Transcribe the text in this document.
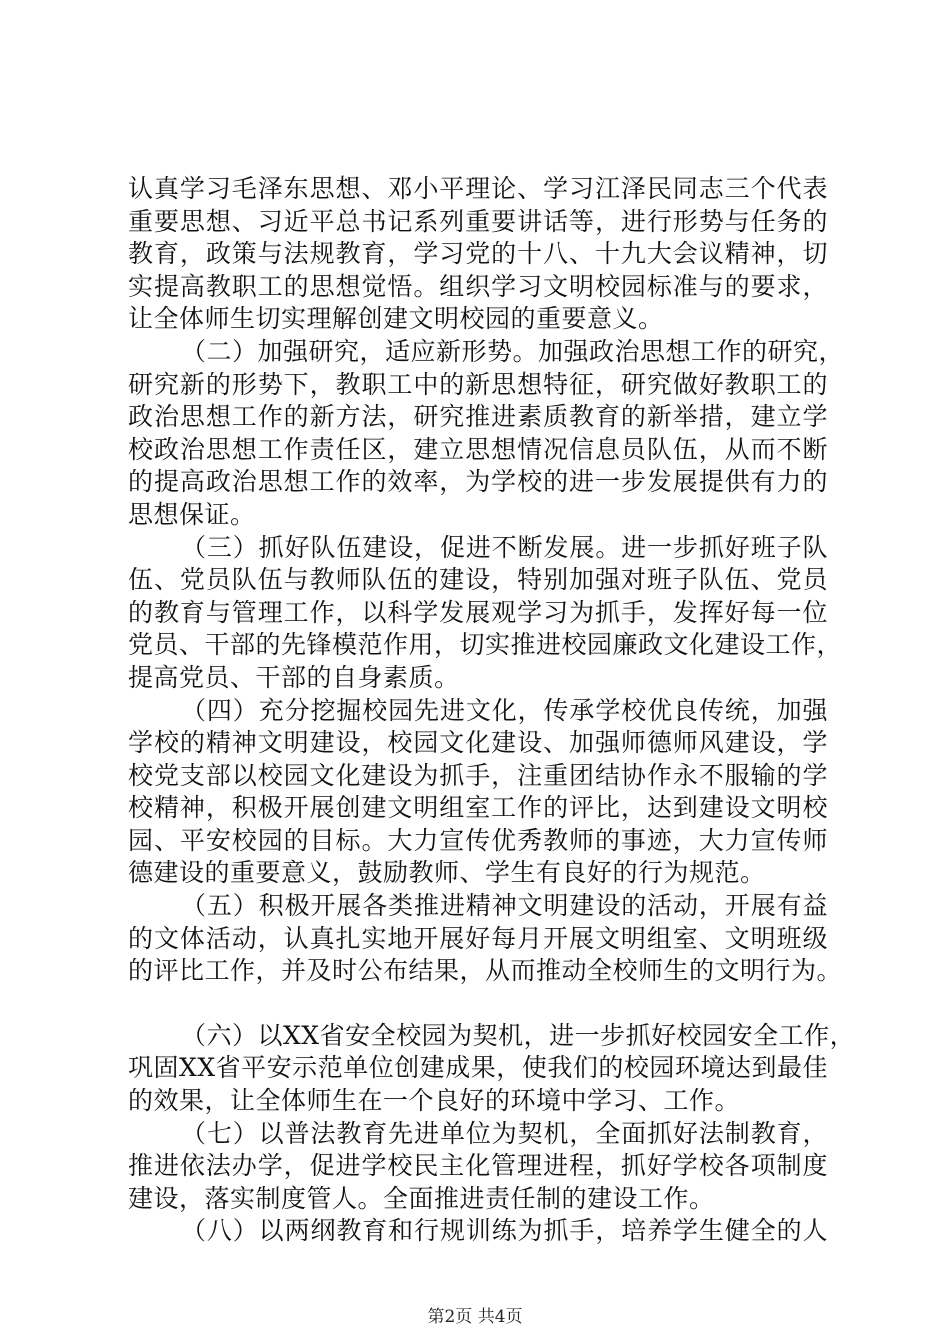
认真学习毛泽东思想、邓小平理论、学习江泽民同志三个代表
重要思想、习近平总书记系列重要讲话等，进行形势与任务的
教育，政策与法规教育，学习党的十八、十九大会议精神，切
实提高教职工的思想觉悟。组织学习文明校园标准与的要求，
让全体师生切实理解创建文明校园的重要意义。
（二）加强研究，适应新形势。加强政治思想工作的研究，
研究新的形势下，教职工中的新思想特征，研究做好教职工的
政治思想工作的新方法，研究推进素质教育的新举措，建立学
校政治思想工作责任区，建立思想情况信息员队伍，从而不断
的提高政治思想工作的效率，为学校的进一步发展提供有力的
思想保证。
（三）抓好队伍建设，促进不断发展。进一步抓好班子队
伍、党员队伍与教师队伍的建设，特别加强对班子队伍、党员
的教育与管理工作，以科学发展观学习为抓手，发挥好每一位
党员、干部的先锋模范作用，切实推进校园廉政文化建设工作，
提高党员、干部的自身素质。
（四）充分挖掘校园先进文化，传承学校优良传统，加强
学校的精神文明建设，校园文化建设、加强师德师风建设，学
校党支部以校园文化建设为抓手，注重团结协作永不服输的学
校精神，积极开展创建文明组室工作的评比，达到建设文明校
园、平安校园的目标。大力宣传优秀教师的事迹，大力宣传师
德建设的重要意义，鼓励教师、学生有良好的行为规范。
（五）积极开展各类推进精神文明建设的活动，开展有益
的文体活动，认真扎实地开展好每月开展文明组室、文明班级
的评比工作，并及时公布结果，从而推动全校师生的文明行为。
（六）以XX省安全校园为契机，进一步抓好校园安全工作，
巩固XX省平安示范单位创建成果，使我们的校园环境达到最佳
的效果，让全体师生在一个良好的环境中学习、工作。
（七）以普法教育先进单位为契机，全面抓好法制教育，
推进依法办学，促进学校民主化管理进程，抓好学校各项制度
建设，落实制度管人。全面推进责任制的建设工作。
（八）以两纲教育和行规训练为抓手，培养学生健全的人
第2页 共4页
